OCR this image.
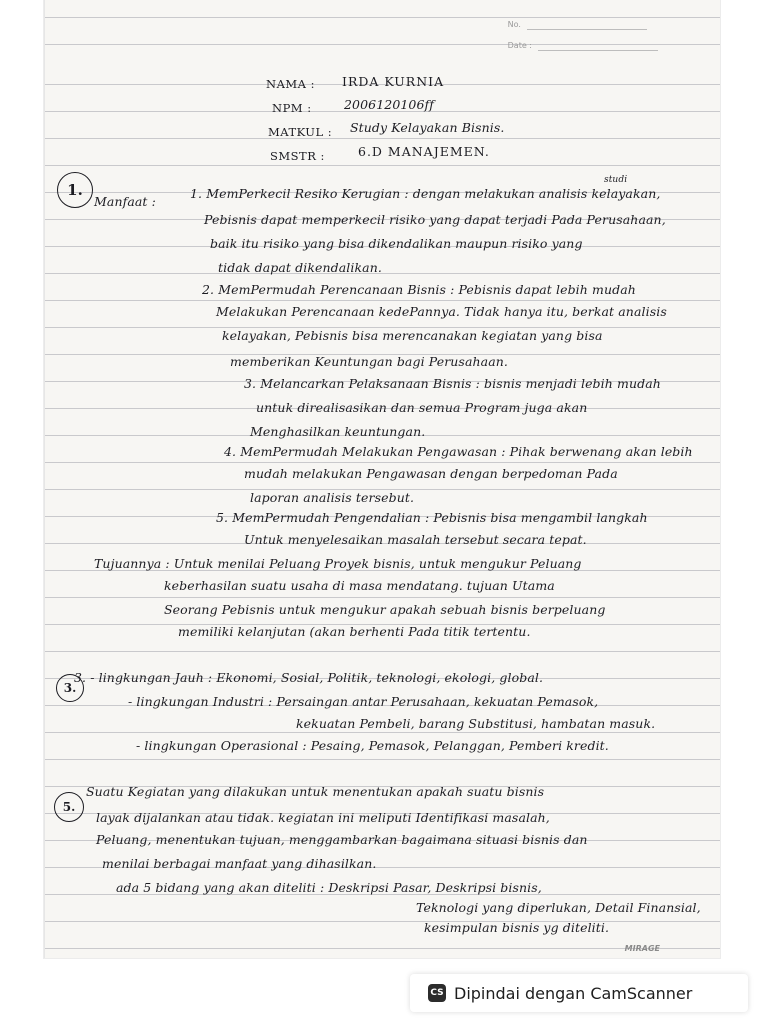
No.
Date :
NAMA : IRDA KURNIA
NPM :	2006120106ff
MATKUL : Study Kelayakan Bisnis.
SMSTR :	6.D MANAJEMEN.
1.
Manfaat :
studi
1. MemPerkecil Resiko Kerugian : dengan melakukan analisis kelayakan,
Pebisnis dapat memperkecil risiko yang dapat terjadi Pada Perusahaan,
baik itu risiko yang bisa dikendalikan maupun risiko yang
tidak dapat dikendalikan.
2. MemPermudah Perencanaan Bisnis : Pebisnis dapat lebih mudah
Melakukan Perencanaan kedePannya. Tidak hanya itu, berkat analisis
kelayakan, Pebisnis bisa merencanakan kegiatan yang bisa
memberikan Keuntungan bagi Perusahaan.
3. Melancarkan Pelaksanaan Bisnis : bisnis menjadi lebih mudah
untuk direalisasikan dan semua Program juga akan
Menghasilkan keuntungan.
4. MemPermudah Melakukan Pengawasan : Pihak berwenang akan lebih
mudah melakukan Pengawasan dengan berpedoman Pada
laporan analisis tersebut.
5. MemPermudah Pengendalian : Pebisnis bisa mengambil langkah
Untuk menyelesaikan masalah tersebut secara tepat.
Tujuannya : Untuk menilai Peluang Proyek bisnis, untuk mengukur Peluang
keberhasilan suatu usaha di masa mendatang. tujuan Utama
Seorang Pebisnis untuk mengukur apakah sebuah bisnis berpeluang
memiliki kelanjutan (akan berhenti Pada titik tertentu.
3.
3. - lingkungan Jauh : Ekonomi, Sosial, Politik, teknologi, ekologi, global.
- lingkungan Industri : Persaingan antar Perusahaan, kekuatan Pemasok,
kekuatan Pembeli, barang Substitusi, hambatan masuk.
- lingkungan Operasional : Pesaing, Pemasok, Pelanggan, Pemberi kredit.
5.
Suatu Kegiatan yang dilakukan untuk menentukan apakah suatu bisnis
layak dijalankan atau tidak. kegiatan ini meliputi Identifikasi masalah,
Peluang, menentukan tujuan, menggambarkan bagaimana situasi bisnis dan
menilai berbagai manfaat yang dihasilkan.
ada 5 bidang yang akan diteliti : Deskripsi Pasar, Deskripsi bisnis,
Teknologi yang diperlukan, Detail Finansial,
kesimpulan bisnis yg diteliti.
MIRAGE
CS Dipindai dengan CamScanner
